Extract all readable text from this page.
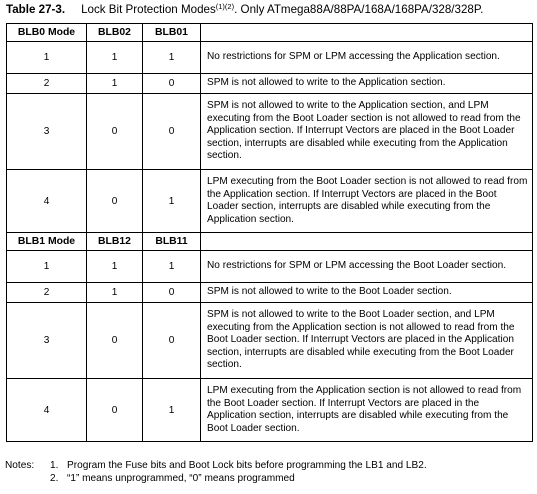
Table 27-3. Lock Bit Protection Modes$^{(1)(2)}$. Only ATmega88A/88PA/168A/168PA/328/328P.
BLB0 Mode	BLB02	BLB01	
1	1	1	No restrictions for SPM or LPM accessing the Application section.
2	1	0	SPM is not allowed to write to the Application section.
3	0	0	SPM is not allowed to write to the Application section, and LPM executing from the Boot Loader section is not allowed to read from the Application section. If Interrupt Vectors are placed in the Boot Loader section, interrupts are disabled while executing from the Application section.
4	0	1	LPM executing from the Boot Loader section is not allowed to read from the Application section. If Interrupt Vectors are placed in the Boot Loader section, interrupts are disabled while executing from the Application section.
BLB1 Mode	BLB12	BLB11	
1	1	1	No restrictions for SPM or LPM accessing the Boot Loader section.
2	1	0	SPM is not allowed to write to the Boot Loader section.
3	0	0	SPM is not allowed to write to the Boot Loader section, and LPM executing from the Application section is not allowed to read from the Boot Loader section. If Interrupt Vectors are placed in the Application section, interrupts are disabled while executing from the Boot Loader section.
4	0	1	LPM executing from the Application section is not allowed to read from the Boot Loader section. If Interrupt Vectors are placed in the Application section, interrupts are disabled while executing from the Boot Loader section.
Notes:	1. Program the Fuse bits and Boot Lock bits before programming the LB1 and LB2.
2. “1” means unprogrammed, “0” means programmed
